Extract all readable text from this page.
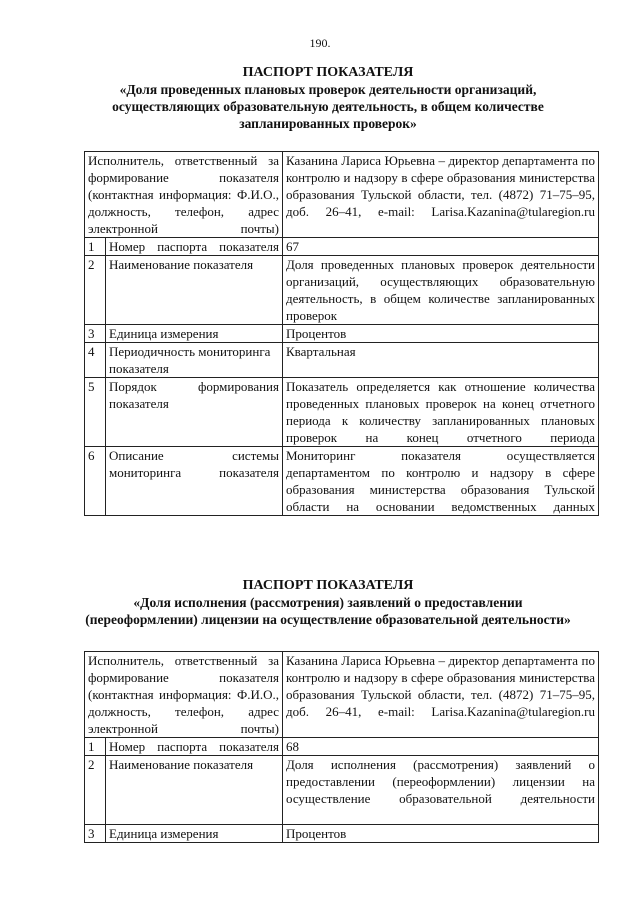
190.
ПАСПОРТ ПОКАЗАТЕЛЯ
«Доля проведенных плановых проверок деятельности организаций, осуществляющих образовательную деятельность, в общем количестве запланированных проверок»
Исполнитель, ответственный за формирование показателя (контактная информация: Ф.И.О., должность, телефон, адрес электронной почты)		Казанина Лариса Юрьевна – директор департамента по контролю и надзору в сфере образования министерства образования Тульской области, тел. (4872) 71–75–95, доб. 26–41, e-mail: Larisa.Kazanina@tularegion.ru
1	Номер паспорта показателя	67
2	Наименование показателя	Доля проведенных плановых проверок деятельности организаций, осуществляющих образовательную деятельность, в общем количестве запланированных проверок
3	Единица измерения	Процентов
4	Периодичность мониторинга показателя	Квартальная
5	Порядок формирования показателя	Показатель определяется как отношение количества проведенных плановых проверок на конец отчетного периода к количеству запланированных плановых проверок на конец отчетного периода
6	Описание системы мониторинга показателя	Мониторинг показателя осуществляется департаментом по контролю и надзору в сфере образования министерства образования Тульской области на основании ведомственных данных
ПАСПОРТ ПОКАЗАТЕЛЯ
«Доля исполнения (рассмотрения) заявлений о предоставлении (переоформлении) лицензии на осуществление образовательной деятельности»
Исполнитель, ответственный за формирование показателя (контактная информация: Ф.И.О., должность, телефон, адрес электронной почты)		Казанина Лариса Юрьевна – директор департамента по контролю и надзору в сфере образования министерства образования Тульской области, тел. (4872) 71–75–95, доб. 26–41, e-mail: Larisa.Kazanina@tularegion.ru
1	Номер паспорта показателя	68
2	Наименование показателя	Доля исполнения (рассмотрения) заявлений о предоставлении (переоформлении) лицензии на осуществление образовательной деятельности
3	Единица измерения	Процентов
